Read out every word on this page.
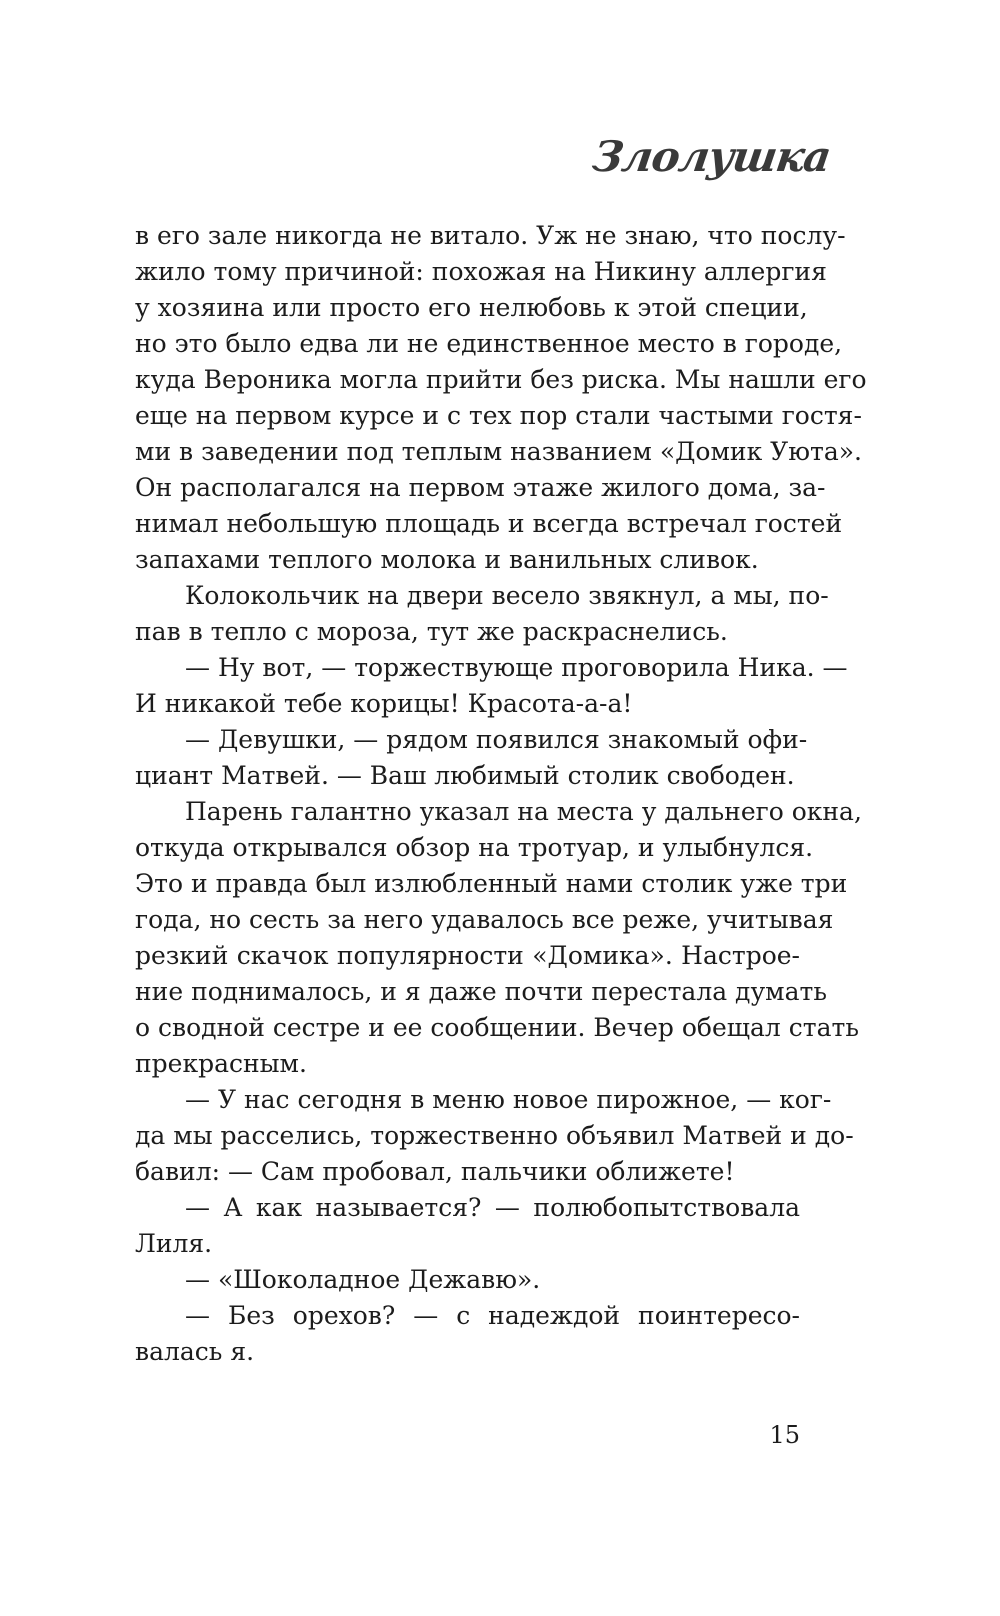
Злолушка
в его зале никогда не витало. Уж не знаю, что послу-
жило тому причиной: похожая на Никину аллергия
у хозяина или просто его нелюбовь к этой специи,
но это было едва ли не единственное место в городе,
куда Вероника могла прийти без риска. Мы нашли его
еще на первом курсе и с тех пор стали частыми гостя-
ми в заведении под теплым названием «Домик Уюта».
Он располагался на первом этаже жилого дома, за-
нимал небольшую площадь и всегда встречал гостей
запахами теплого молока и ванильных сливок.
Колокольчик на двери весело звякнул, а мы, по-
пав в тепло с мороза, тут же раскраснелись.
— Ну вот, — торжествующе проговорила Ника. —
И никакой тебе корицы! Красота-а-а!
— Девушки, — рядом появился знакомый офи-
циант Матвей. — Ваш любимый столик свободен.
Парень галантно указал на места у дальнего окна,
откуда открывался обзор на тротуар, и улыбнулся.
Это и правда был излюбленный нами столик уже три
года, но сесть за него удавалось все реже, учитывая
резкий скачок популярности «Домика». Настрое-
ние поднималось, и я даже почти перестала думать
о сводной сестре и ее сообщении. Вечер обещал стать
прекрасным.
— У нас сегодня в меню новое пирожное, — ког-
да мы расселись, торжественно объявил Матвей и до-
бавил: — Сам пробовал, пальчики оближете!
— А как называется? — полюбопытствовала
Лиля.
— «Шоколадное Дежавю».
— Без орехов? — с надеждой поинтересо-
валась я.
15
